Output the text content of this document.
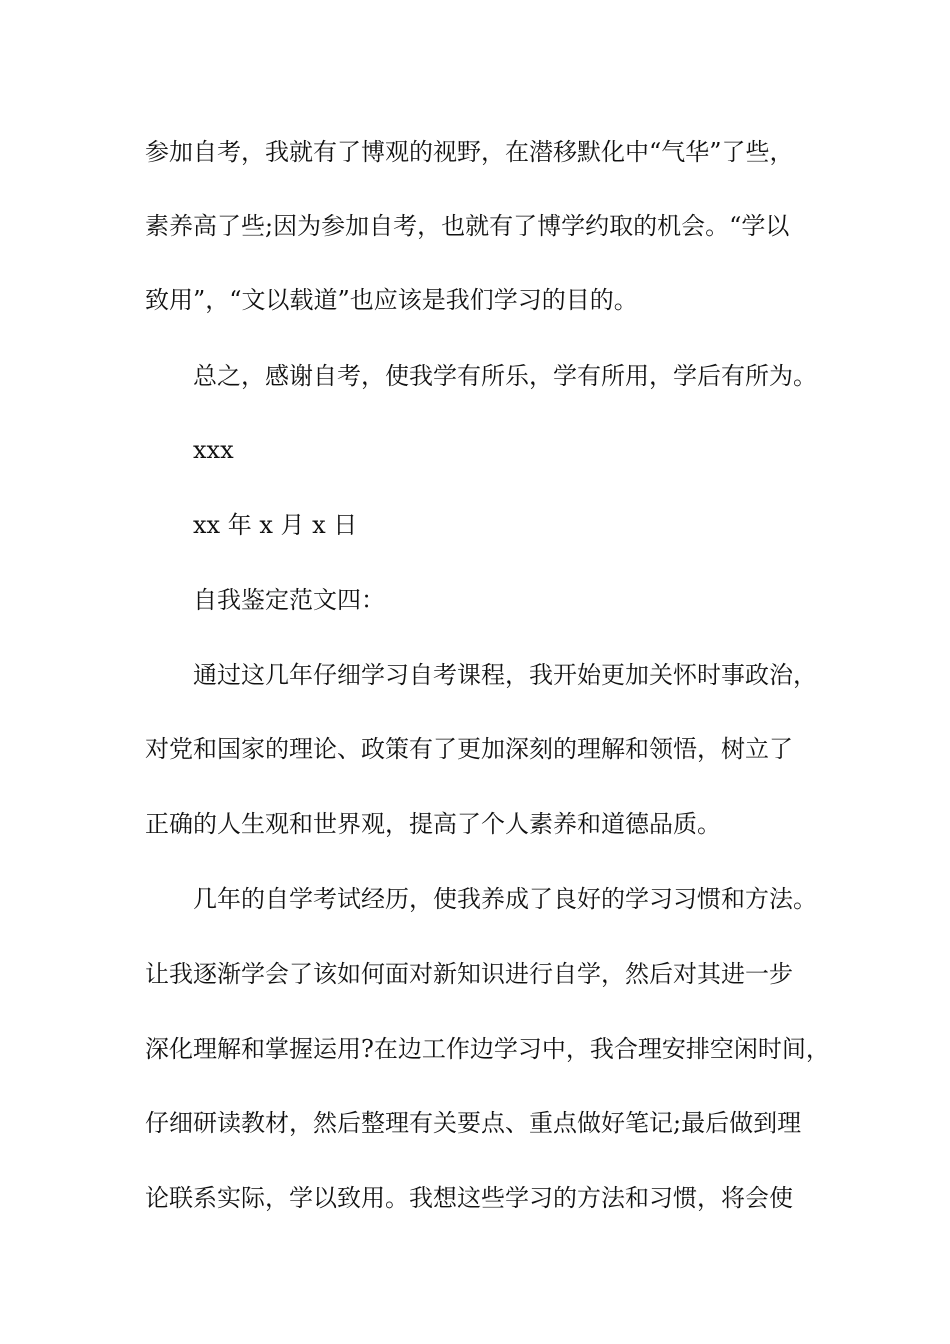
参加自考，我就有了博观的视野，在潜移默化中“气华”了些，
素养高了些;因为参加自考，也就有了博学约取的机会。“学以
致用”，“文以载道”也应该是我们学习的目的。
总之，感谢自考，使我学有所乐，学有所用，学后有所为。
xxx
xx 年 x 月 x 日
自我鉴定范文四：
通过这几年仔细学习自考课程，我开始更加关怀时事政治，
对党和国家的理论、政策有了更加深刻的理解和领悟，树立了
正确的人生观和世界观，提高了个人素养和道德品质。
几年的自学考试经历，使我养成了良好的学习习惯和方法。
让我逐渐学会了该如何面对新知识进行自学，然后对其进一步
深化理解和掌握运用?在边工作边学习中，我合理安排空闲时间，
仔细研读教材，然后整理有关要点、重点做好笔记;最后做到理
论联系实际，学以致用。我想这些学习的方法和习惯，将会使
